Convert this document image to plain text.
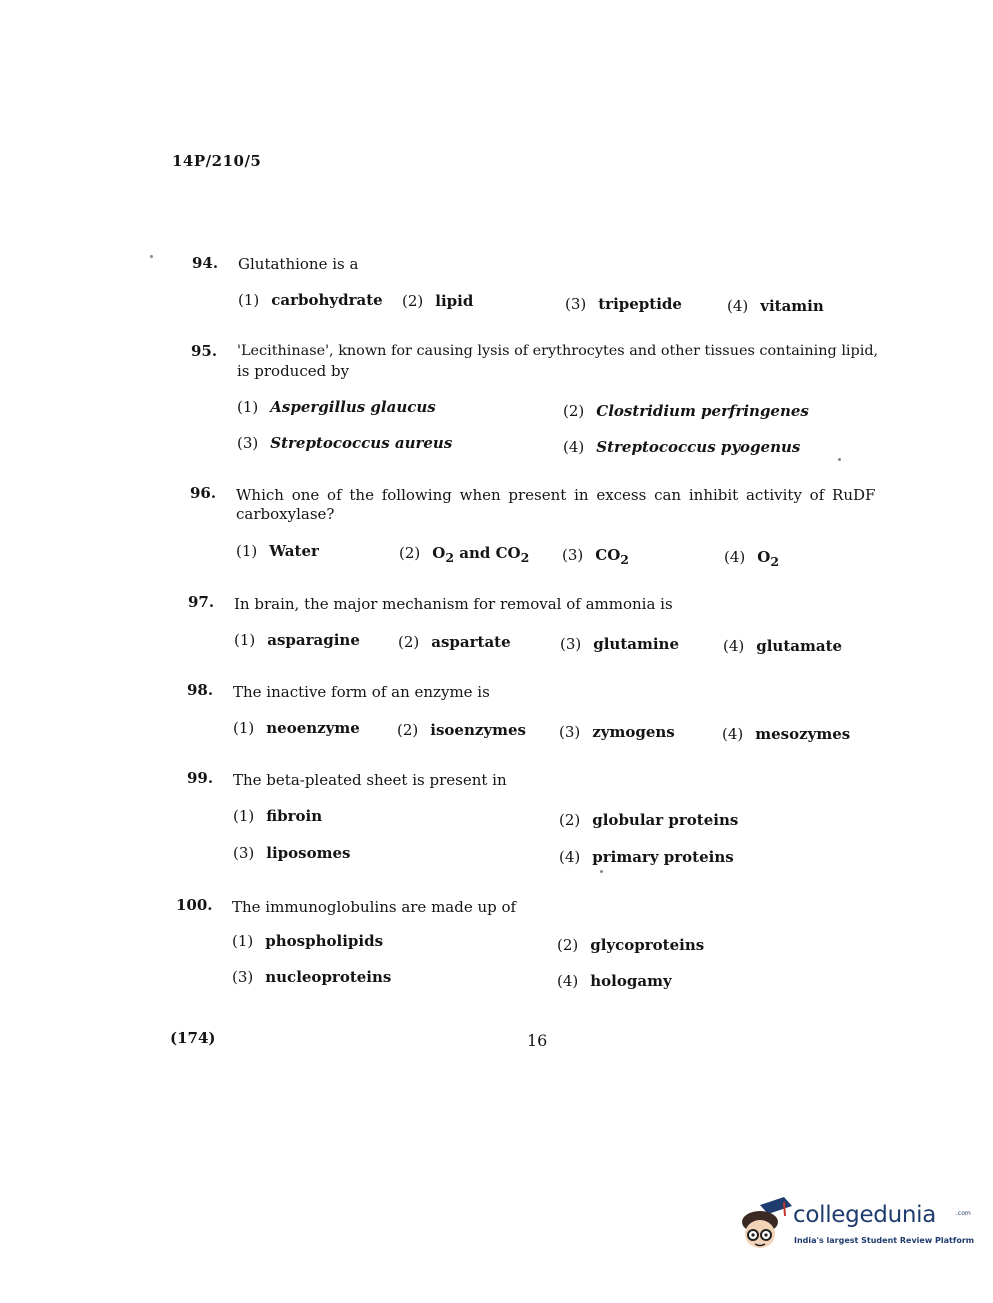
14P/210/5
94. Glutathione is a
(1) carbohydrate (2) lipid	(3) tripeptide	(4) vitamin
95. 'Lecithinase', known for causing lysis of erythrocytes and other tissues containing lipid,
is produced by
(1) Aspergillus glaucus	(2) Clostridium perfringenes
(3) Streptococcus aureus	(4) Streptococcus pyogenus
96. Which one of the following when present in excess can inhibit activity of RuDF
carboxylase?
(1) Water	(2) $O_2$ and $CO_2$ (3) $CO_2$	(4) $O_2$
97. In brain, the major mechanism for removal of ammonia is
(1) asparagine	(2) aspartate	(3) glutamine	(4) glutamate
98. The inactive form of an enzyme is
(1) neoenzyme (2) isoenzymes (3) zymogens	(4) mesozymes
99. The beta-pleated sheet is present in
(1) fibroin	(2) globular proteins
(3) liposomes	(4) primary proteins
100. The immunoglobulins are made up of
(1) phospholipids	(2) glycoproteins
(3) nucleoproteins	(4) hologamy
(174)	16
collegedunia	.com
India's largest Student Review Platform
